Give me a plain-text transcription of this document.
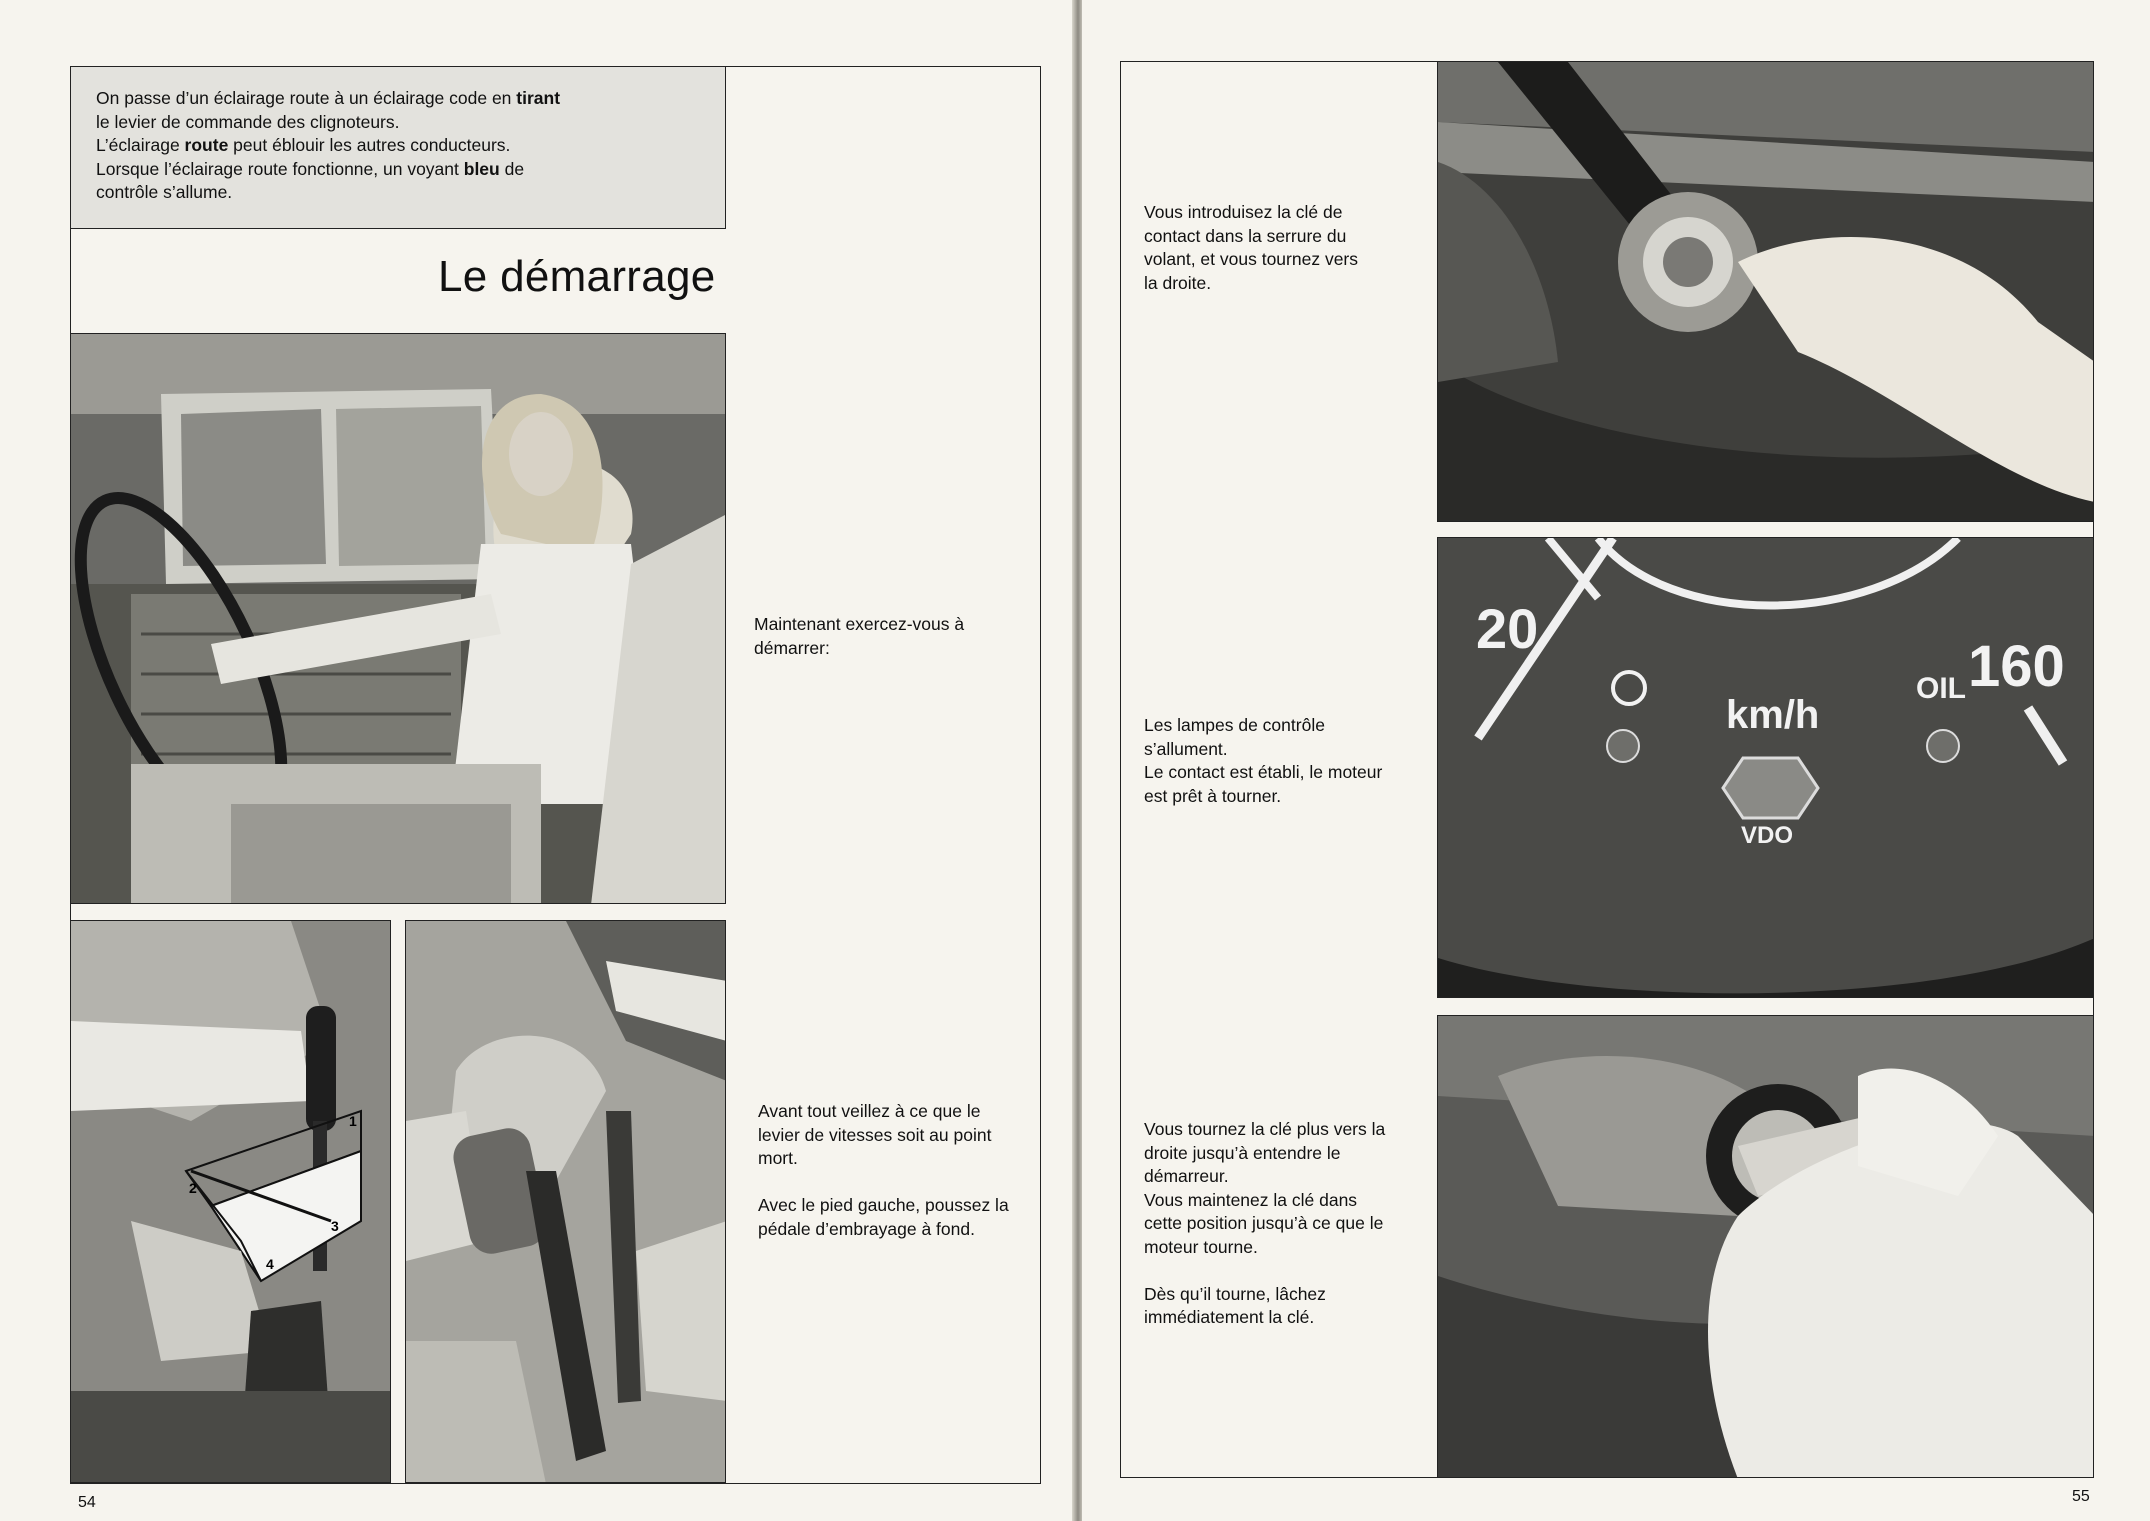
On passe d’un éclairage route à un éclairage code en tirant
le levier de commande des clignoteurs.
L’éclairage route peut éblouir les autres conducteurs.
Lorsque l’éclairage route fonctionne, un voyant bleu de
contrôle s’allume.
Le démarrage
1
2
3
4
Maintenant exercez-vous à
démarrer:
Avant tout veillez à ce que le
levier de vitesses soit au point
mort.

Avec le pied gauche, poussez la
pédale d’embrayage à fond.
54
20
160
km/h
OIL
VDO
Vous introduisez la clé de
contact dans la serrure du
volant, et vous tournez vers
la droite.
Les lampes de contrôle
s’allument.
Le contact est établi, le moteur
est prêt à tourner.
Vous tournez la clé plus vers la
droite jusqu’à entendre le
démarreur.
Vous maintenez la clé dans
cette position jusqu’à ce que le
moteur tourne.

Dès qu’il tourne, lâchez
immédiatement la clé.
55
